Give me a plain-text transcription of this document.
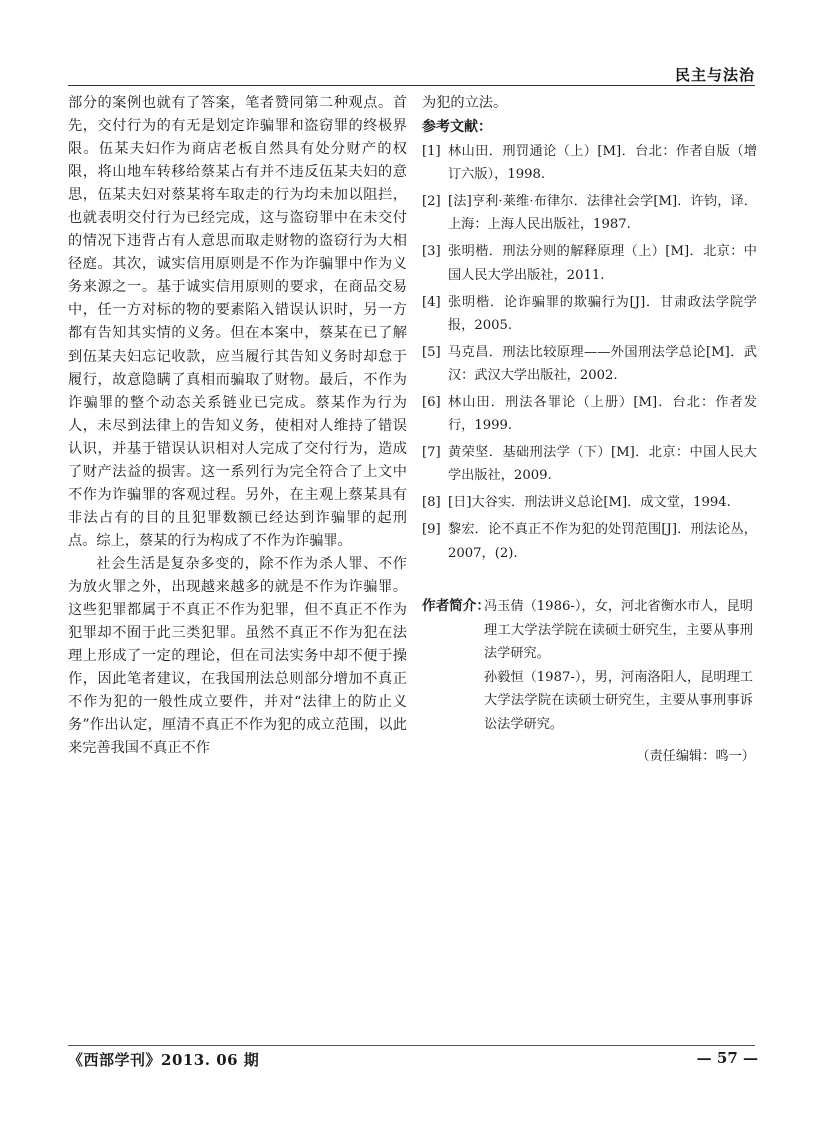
民主与法治

部分的案例也就有了答案，笔者赞同第二种观点。首先，交付行为的有无是划定诈骗罪和盗窃罪的终极界限。伍某夫妇作为商店老板自然具有处分财产的权限，将山地车转移给蔡某占有并不违反伍某夫妇的意思，伍某夫妇对蔡某将车取走的行为均未加以阻拦，也就表明交付行为已经完成，这与盗窃罪中在未交付的情况下违背占有人意思而取走财物的盗窃行为大相径庭。其次，诚实信用原则是不作为诈骗罪中作为义务来源之一。基于诚实信用原则的要求，在商品交易中，任一方对标的物的要素陷入错误认识时，另一方都有告知其实情的义务。但在本案中，蔡某在已了解到伍某夫妇忘记收款，应当履行其告知义务时却怠于履行，故意隐瞒了真相而骗取了财物。最后，不作为诈骗罪的整个动态关系链业已完成。蔡某作为行为人，未尽到法律上的告知义务，使相对人维持了错误认识，并基于错误认识相对人完成了交付行为，造成了财产法益的损害。这一系列行为完全符合了上文中不作为诈骗罪的客观过程。另外，在主观上蔡某具有非法占有的目的且犯罪数额已经达到诈骗罪的起刑点。综上，蔡某的行为构成了不作为诈骗罪。

社会生活是复杂多变的，除不作为杀人罪、不作为放火罪之外，出现越来越多的就是不作为诈骗罪。这些犯罪都属于不真正不作为犯罪，但不真正不作为犯罪却不囿于此三类犯罪。虽然不真正不作为犯在法理上形成了一定的理论，但在司法实务中却不便于操作，因此笔者建议，在我国刑法总则部分增加不真正不作为犯的一般性成立要件，并对“法律上的防止义务”作出认定，厘清不真正不作为犯的成立范围，以此来完善我国不真正不作

为犯的立法。

参考文献：
[1] 林山田．刑罚通论（上）[M]．台北：作者自版（增订六版），1998.
[2] [法]亨利·莱维·布律尔．法律社会学[M]．许钧，译．上海：上海人民出版社，1987.
[3] 张明楷．刑法分则的解释原理（上）[M]．北京：中国人民大学出版社，2011.
[4] 张明楷．论诈骗罪的欺骗行为[J]．甘肃政法学院学报，2005.
[5] 马克昌．刑法比较原理——外国刑法学总论[M]．武汉：武汉大学出版社，2002.
[6] 林山田．刑法各罪论（上册）[M]．台北：作者发行，1999.
[7] 黄荣坚．基础刑法学（下）[M]．北京：中国人民大学出版社，2009.
[8] [日]大谷实．刑法讲义总论[M]．成文堂，1994.
[9] 黎宏．论不真正不作为犯的处罚范围[J]．刑法论丛，2007，(2).
作者简介：

冯玉倩（1986-），女，河北省衡水市人，昆明理工大学法学院在读硕士研究生，主要从事刑法学研究。

孙毅恒（1987-），男，河南洛阳人，昆明理工大学法学院在读硕士研究生，主要从事刑事诉讼法学研究。

（责任编辑：鸣一）
《西部学刊》2013. 06 期	— 57 —
